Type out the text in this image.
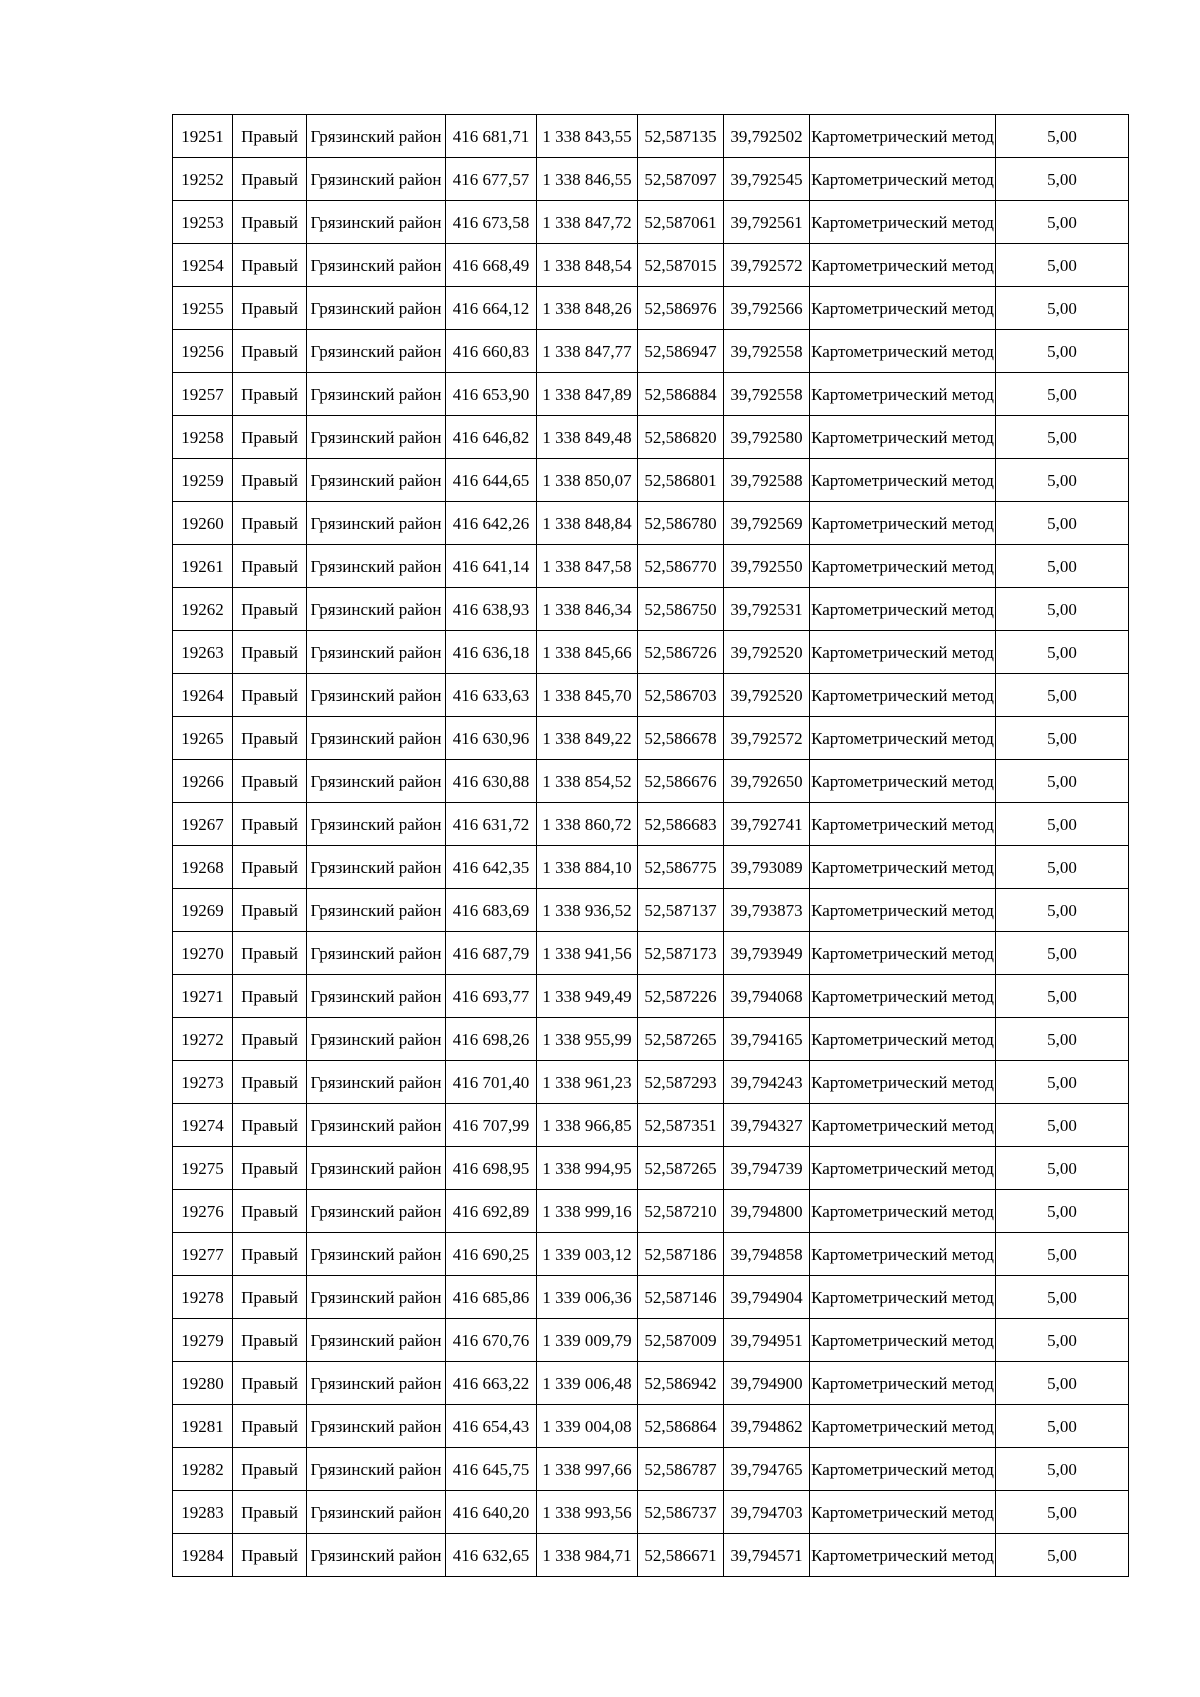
19251	Правый	Грязинский район	416 681,71	1 338 843,55	52,587135	39,792502	Картометрический метод	5,00
19252	Правый	Грязинский район	416 677,57	1 338 846,55	52,587097	39,792545	Картометрический метод	5,00
19253	Правый	Грязинский район	416 673,58	1 338 847,72	52,587061	39,792561	Картометрический метод	5,00
19254	Правый	Грязинский район	416 668,49	1 338 848,54	52,587015	39,792572	Картометрический метод	5,00
19255	Правый	Грязинский район	416 664,12	1 338 848,26	52,586976	39,792566	Картометрический метод	5,00
19256	Правый	Грязинский район	416 660,83	1 338 847,77	52,586947	39,792558	Картометрический метод	5,00
19257	Правый	Грязинский район	416 653,90	1 338 847,89	52,586884	39,792558	Картометрический метод	5,00
19258	Правый	Грязинский район	416 646,82	1 338 849,48	52,586820	39,792580	Картометрический метод	5,00
19259	Правый	Грязинский район	416 644,65	1 338 850,07	52,586801	39,792588	Картометрический метод	5,00
19260	Правый	Грязинский район	416 642,26	1 338 848,84	52,586780	39,792569	Картометрический метод	5,00
19261	Правый	Грязинский район	416 641,14	1 338 847,58	52,586770	39,792550	Картометрический метод	5,00
19262	Правый	Грязинский район	416 638,93	1 338 846,34	52,586750	39,792531	Картометрический метод	5,00
19263	Правый	Грязинский район	416 636,18	1 338 845,66	52,586726	39,792520	Картометрический метод	5,00
19264	Правый	Грязинский район	416 633,63	1 338 845,70	52,586703	39,792520	Картометрический метод	5,00
19265	Правый	Грязинский район	416 630,96	1 338 849,22	52,586678	39,792572	Картометрический метод	5,00
19266	Правый	Грязинский район	416 630,88	1 338 854,52	52,586676	39,792650	Картометрический метод	5,00
19267	Правый	Грязинский район	416 631,72	1 338 860,72	52,586683	39,792741	Картометрический метод	5,00
19268	Правый	Грязинский район	416 642,35	1 338 884,10	52,586775	39,793089	Картометрический метод	5,00
19269	Правый	Грязинский район	416 683,69	1 338 936,52	52,587137	39,793873	Картометрический метод	5,00
19270	Правый	Грязинский район	416 687,79	1 338 941,56	52,587173	39,793949	Картометрический метод	5,00
19271	Правый	Грязинский район	416 693,77	1 338 949,49	52,587226	39,794068	Картометрический метод	5,00
19272	Правый	Грязинский район	416 698,26	1 338 955,99	52,587265	39,794165	Картометрический метод	5,00
19273	Правый	Грязинский район	416 701,40	1 338 961,23	52,587293	39,794243	Картометрический метод	5,00
19274	Правый	Грязинский район	416 707,99	1 338 966,85	52,587351	39,794327	Картометрический метод	5,00
19275	Правый	Грязинский район	416 698,95	1 338 994,95	52,587265	39,794739	Картометрический метод	5,00
19276	Правый	Грязинский район	416 692,89	1 338 999,16	52,587210	39,794800	Картометрический метод	5,00
19277	Правый	Грязинский район	416 690,25	1 339 003,12	52,587186	39,794858	Картометрический метод	5,00
19278	Правый	Грязинский район	416 685,86	1 339 006,36	52,587146	39,794904	Картометрический метод	5,00
19279	Правый	Грязинский район	416 670,76	1 339 009,79	52,587009	39,794951	Картометрический метод	5,00
19280	Правый	Грязинский район	416 663,22	1 339 006,48	52,586942	39,794900	Картометрический метод	5,00
19281	Правый	Грязинский район	416 654,43	1 339 004,08	52,586864	39,794862	Картометрический метод	5,00
19282	Правый	Грязинский район	416 645,75	1 338 997,66	52,586787	39,794765	Картометрический метод	5,00
19283	Правый	Грязинский район	416 640,20	1 338 993,56	52,586737	39,794703	Картометрический метод	5,00
19284	Правый	Грязинский район	416 632,65	1 338 984,71	52,586671	39,794571	Картометрический метод	5,00
